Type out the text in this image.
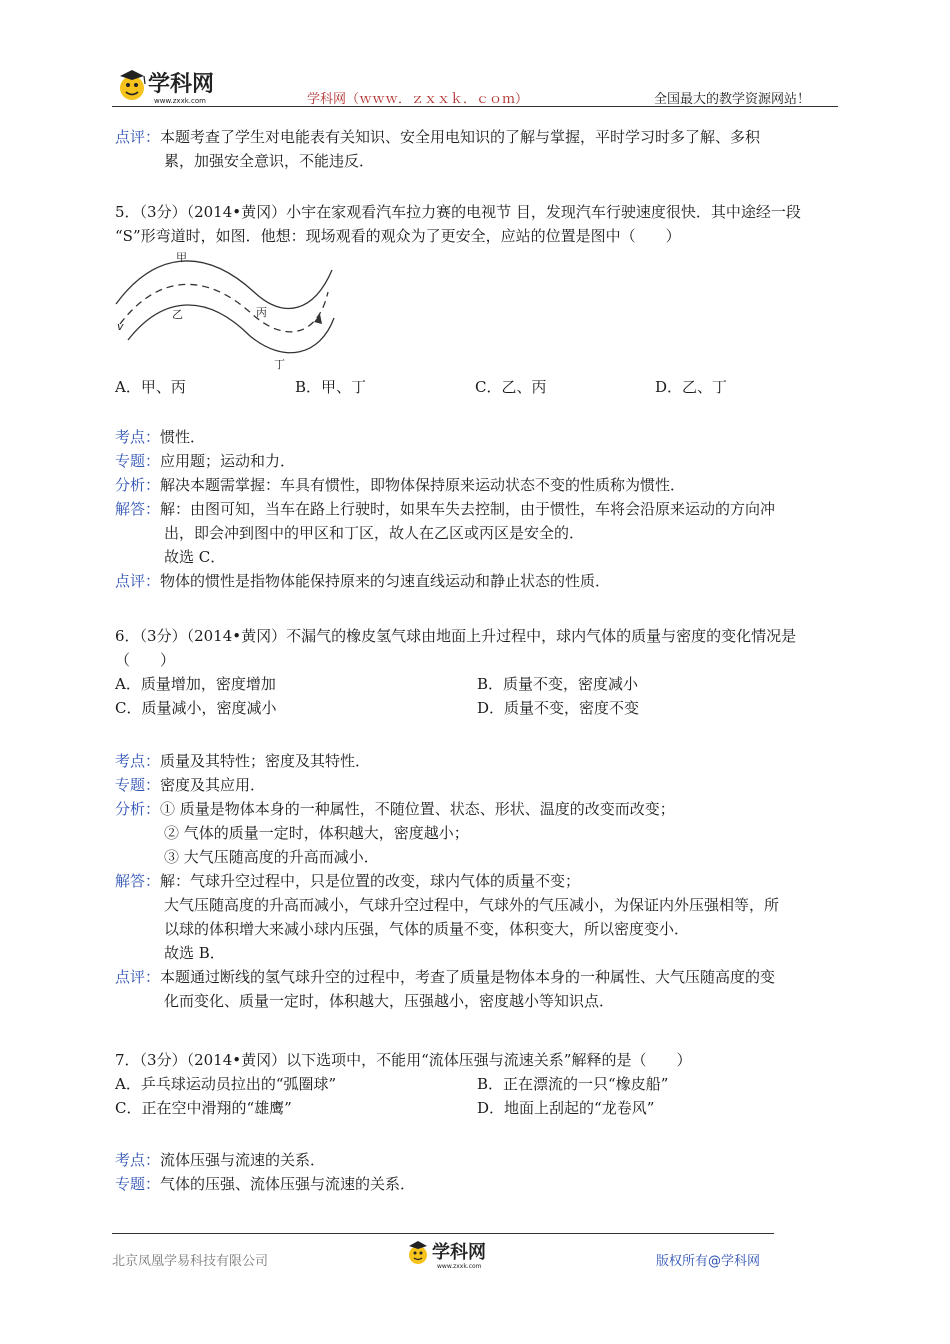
学科网
www.zxxk.com	学科网（ｗｗｗ．ｚｘｘｋ．ｃｏｍ）	全国最大的教学资源网站！
点评： 本题考查了学生对电能表有关知识、安全用电知识的了解与掌握，平时学习时多了解、多积
累，加强安全意识，不能违反．
5．（3分）（2014•黄冈）小宇在家观看汽车拉力赛的电视节 目，发现汽车行驶速度很快．其中途经一段
“S”形弯道时，如图．他想：现场观看的观众为了更安全，应站的位置是图中（　　）
甲
乙	丙
丁
v
A．甲、丙	B．甲、丁	C．乙、丙	D．乙、丁
考点： 惯性．
专题： 应用题；运动和力．
分析： 解决本题需掌握：车具有惯性，即物体保持原来运动状态不变的性质称为惯性．
解答： 解：由图可知，当车在路上行驶时，如果车失去控制，由于惯性，车将会沿原来运动的方向冲
出，即会冲到图中的甲区和丁区，故人在乙区或丙区是安全的．
故选 C．
点评： 物体的惯性是指物体能保持原来的匀速直线运动和静止状态的性质．
6．（3分）（2014•黄冈）不漏气的橡皮氢气球由地面上升过程中，球内气体的质量与密度的变化情况是
（　　）
A．质量增加，密度增加	B．质量不变，密度减小
C．质量减小，密度减小	D．质量不变，密度不变
考点： 质量及其特性；密度及其特性．
专题： 密度及其应用．
分析： ① 质量是物体本身的一种属性，不随位置、状态、形状、温度的改变而改变；
② 气体的质量一定时，体积越大，密度越小；
③ 大气压随高度的升高而减小．
解答： 解：气球升空过程中，只是位置的改变，球内气体的质量不变；
大气压随高度的升高而减小，气球升空过程中，气球外的气压减小，为保证内外压强相等，所
以球的体积增大来减小球内压强，气体的质量不变，体积变大，所以密度变小．
故选 B．
点评： 本题通过断线的氢气球升空的过程中，考查了质量是物体本身的一种属性、大气压随高度的变
化而变化、质量一定时，体积越大，压强越小，密度越小等知识点．
7．（3分）（2014•黄冈）以下选项中，不能用“流体压强与流速关系”解释的是（　　）
A．乒乓球运动员拉出的“弧圈球”	B．正在漂流的一只“橡皮船”
C．正在空中滑翔的“雄鹰”	D．地面上刮起的“龙卷风”
考点： 流体压强与流速的关系．
专题： 气体的压强、流体压强与流速的关系．
北京凤凰学易科技有限公司	学科网
www.zxxk.com	版权所有@学科网
